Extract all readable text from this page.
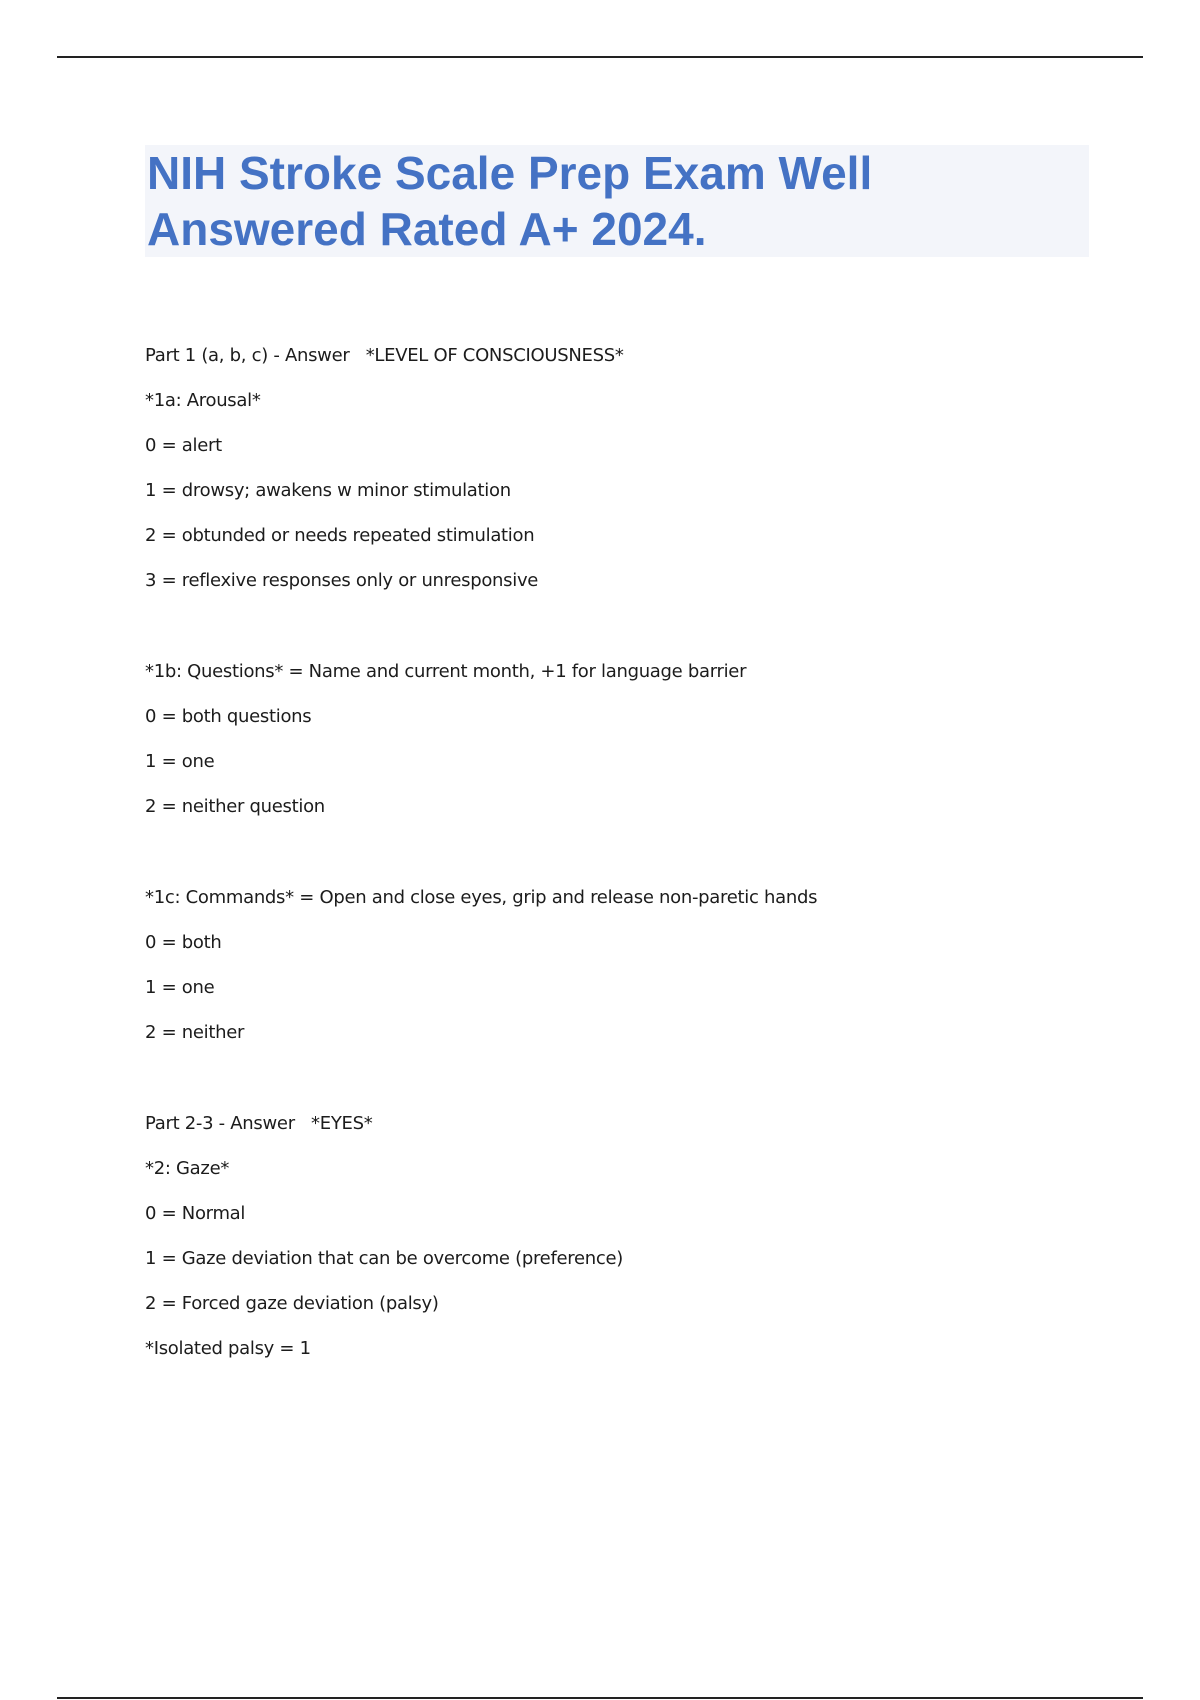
NIH Stroke Scale Prep Exam Well Answered Rated A+ 2024.
Part 1 (a, b, c) - Answer   *LEVEL OF CONSCIOUSNESS*
*1a: Arousal*
0 = alert
1 = drowsy; awakens w minor stimulation
2 = obtunded or needs repeated stimulation
3 = reflexive responses only or unresponsive
*1b: Questions* = Name and current month, +1 for language barrier
0 = both questions
1 = one
2 = neither question
*1c: Commands* = Open and close eyes, grip and release non-paretic hands
0 = both
1 = one
2 = neither
Part 2-3 - Answer   *EYES*
*2: Gaze*
0 = Normal
1 = Gaze deviation that can be overcome (preference)
2 = Forced gaze deviation (palsy)
*Isolated palsy = 1
